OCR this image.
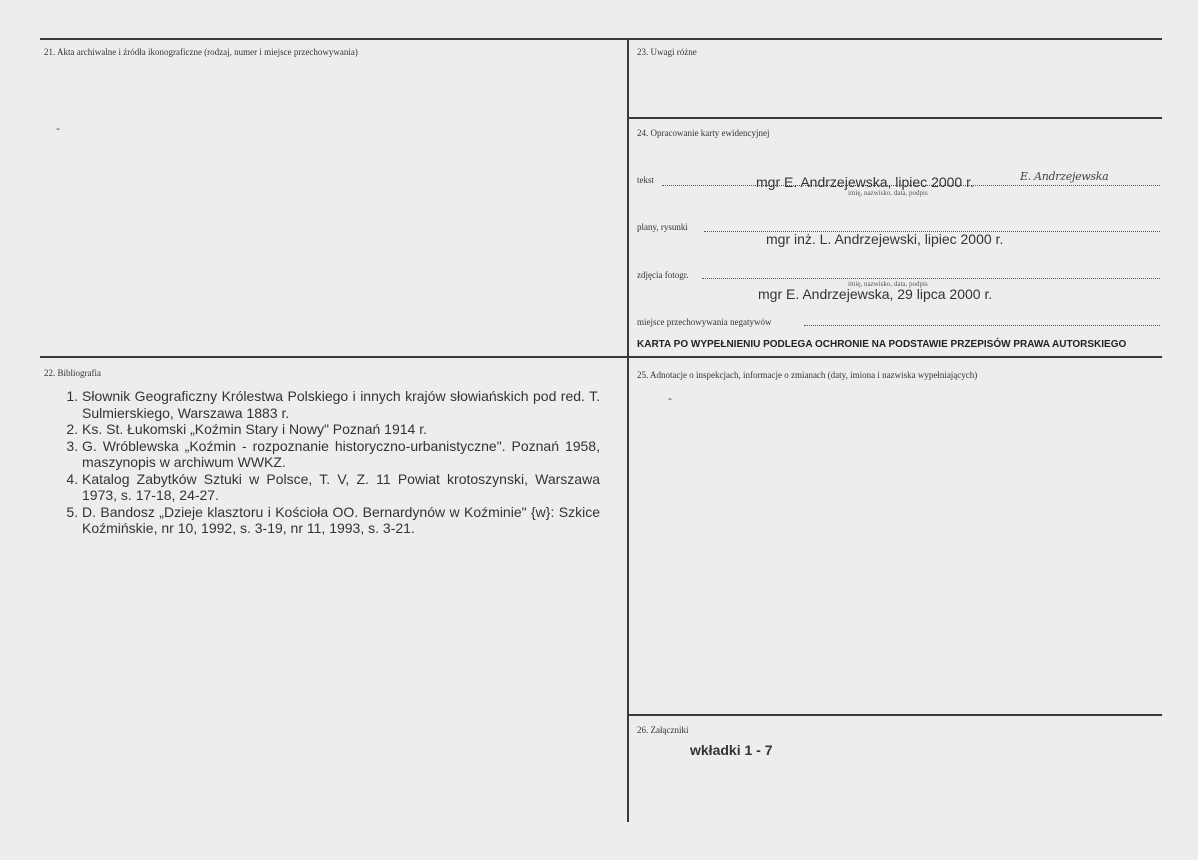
21. Akta archiwalne i źródła ikonograficzne (rodzaj, numer i miejsce przechowywania)
-
23. Uwagi różne
24. Opracowanie karty ewidencyjnej
tekst	mgr E. Andrzejewska, lipiec 2000 r.
imię, nazwisko, data, podpis
E. Andrzejewska
plany, rysunki
mgr inż. L. Andrzejewski, lipiec 2000 r.
zdjęcia fotogr.
imię, nazwisko, data, podpis
mgr E. Andrzejewska, 29 lipca 2000 r.
miejsce przechowywania negatywów
KARTA PO WYPEŁNIENIU PODLEGA OCHRONIE NA PODSTAWIE PRZEPISÓW PRAWA AUTORSKIEGO
22. Bibliografia
1. Słownik Geograficzny Królestwa Polskiego i innych krajów słowiańskich pod red. T. Sulmierskiego, Warszawa 1883 r.
2. Ks. St. Łukomski „Koźmin Stary i Nowy" Poznań 1914 r.
3. G. Wróblewska „Koźmin - rozpoznanie historyczno-urbanistyczne". Poznań 1958, maszynopis w archiwum WWKZ.
4. Katalog Zabytków Sztuki w Polsce, T. V, Z. 11 Powiat krotoszynski, Warszawa 1973, s. 17-18, 24-27.
5. D. Bandosz „Dzieje klasztoru i Kościoła OO. Bernardynów w Koźminie" {w}: Szkice Koźmińskie, nr 10, 1992, s. 3-19, nr 11, 1993, s. 3-21.
25. Adnotacje o inspekcjach, informacje o zmianach (daty, imiona i nazwiska wypełniających)
-
26. Załączniki
wkładki 1 - 7
